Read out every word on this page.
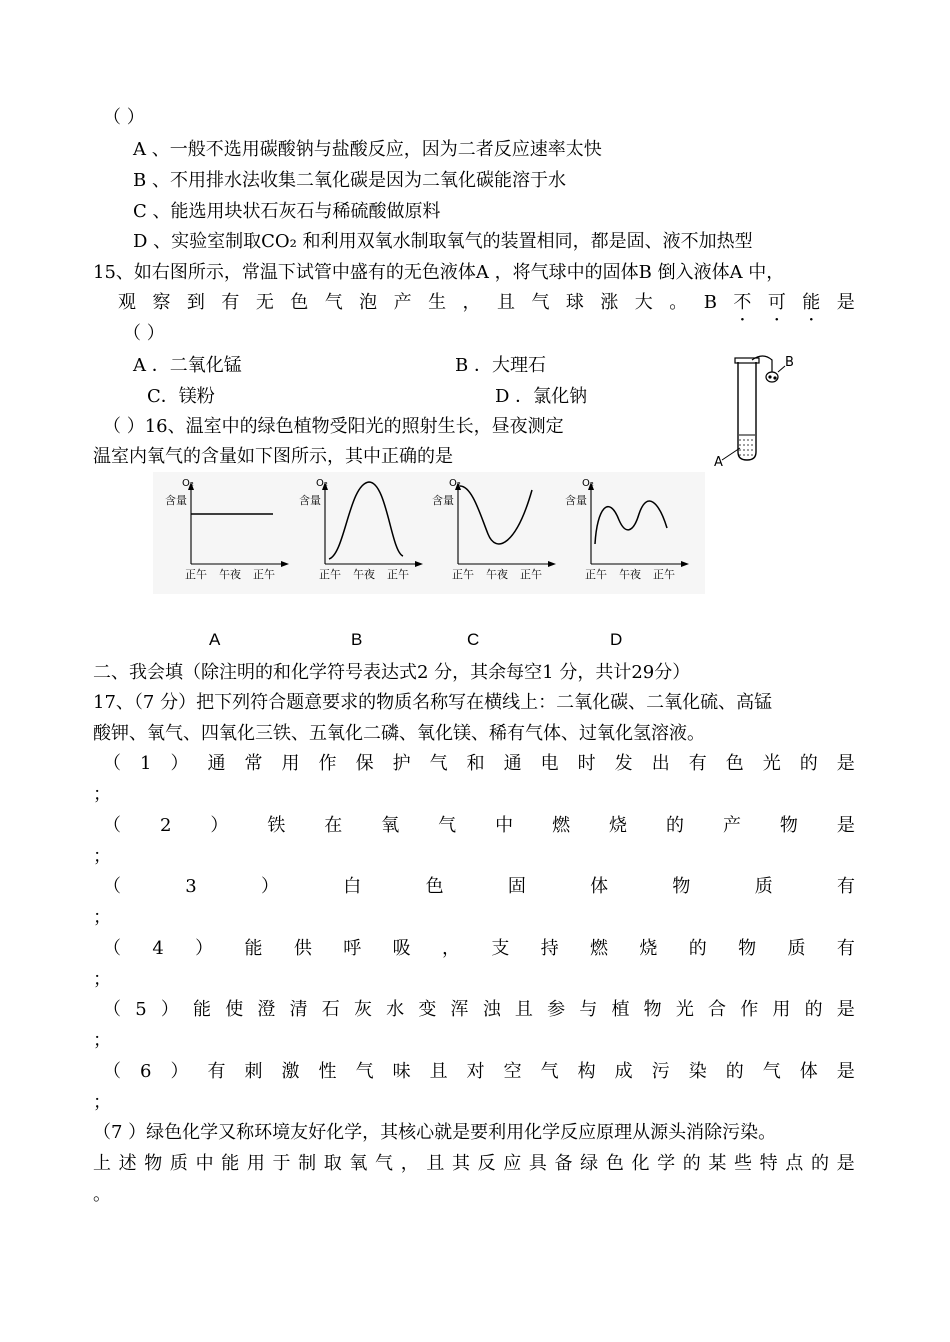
（ ）
A 、一般不选用碳酸钠与盐酸反应，因为二者反应速率太快
B 、不用排水法收集二氧化碳是因为二氧化碳能溶于水
C 、能选用块状石灰石与稀硫酸做原料
D 、实验室制取CO₂ 和利用双氧水制取氧气的装置相同，都是固、液不加热型
15、如右图所示，常温下试管中盛有的无色液体A ，将气球中的固体B 倒入液体A 中，
观 察 到 有 无 色 气 泡 产 生 ， 且 气 球 涨 大 。 B 不 · 可 · 能 · 是
（ ）
A ．二氧化锰	B ．大理石
C．镁粉	D ．氯化钠
A
B
（ ）16、温室中的绿色植物受阳光的照射生长，昼夜测定
温室内氧气的含量如下图所示，其中正确的是
O₂
含量
正午 午夜 正午
O₂
含量
正午 午夜 正午
O₂
含量
正午 午夜 正午
O₂
含量
正午 午夜 正午
A	B	C	D
二、我会填（除注明的和化学符号表达式2 分，其余每空1 分，共计29分）
17、（7 分）把下列符合题意要求的物质名称写在横线上：二氧化碳、二氧化硫、高锰
酸钾、氧气、四氧化三铁、五氧化二磷、氧化镁、稀有气体、过氧化氢溶液。
（ 1 ） 通 常 用 作 保 护 气 和 通 电 时 发 出 有 色 光 的 是
；
（ 2 ） 铁 在 氧 气 中 燃 烧 的 产 物 是
；
（	3	）	白	色	固	体	物	质	有
；
（ 4 ） 能 供 呼 吸 ， 支 持 燃 烧 的 物 质 有
；
（ 5 ） 能 使 澄 清 石 灰 水 变 浑 浊 且 参 与 植 物 光 合 作 用 的 是
；
（ 6 ） 有 刺 激 性 气 味 且 对 空 气 构 成 污 染 的 气 体 是
；
（7 ）绿色化学又称环境友好化学，其核心就是要利用化学反应原理从源头消除污染。
上 述 物 质 中 能 用 于 制 取 氧 气 ， 且 其 反 应 具 备 绿 色 化 学 的 某 些 特 点 的 是
。
